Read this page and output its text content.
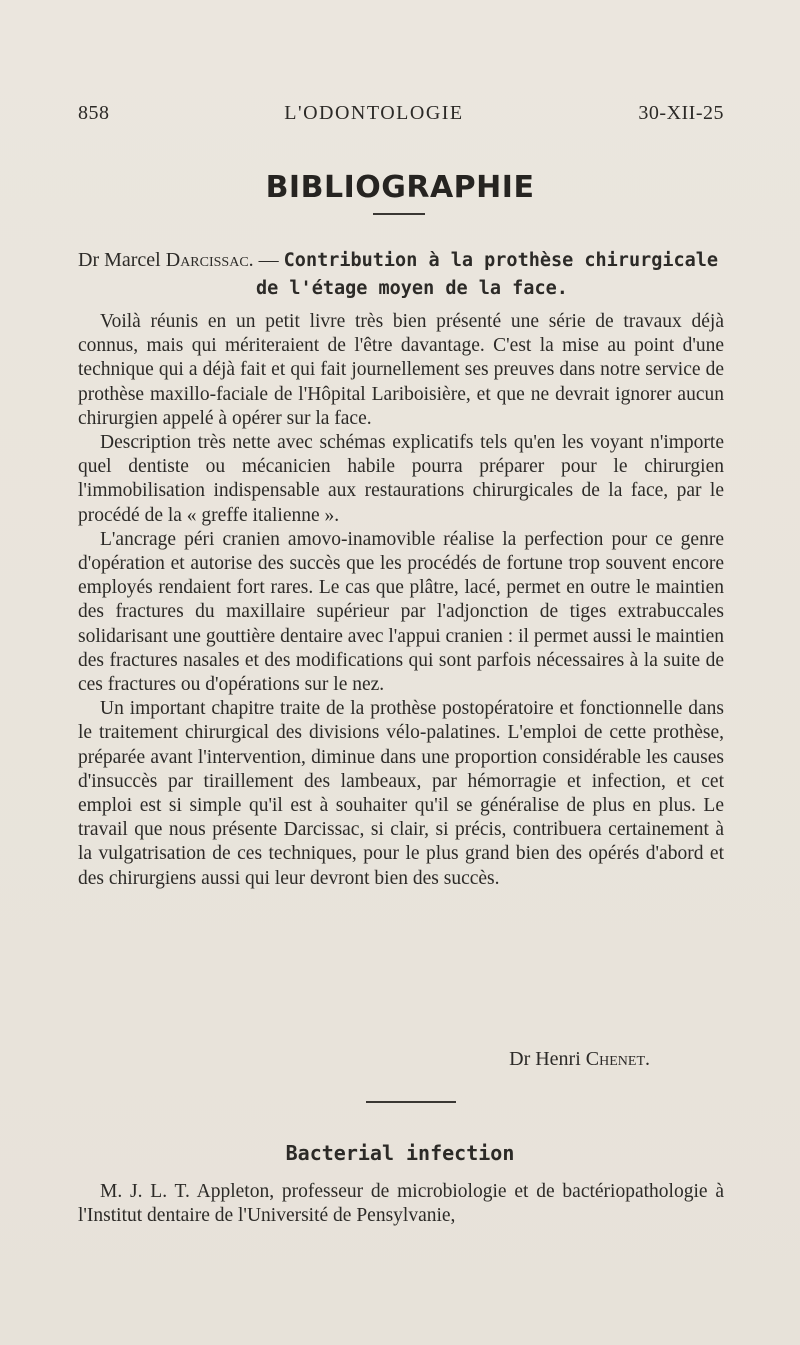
858	L'ODONTOLOGIE	30-XII-25
BIBLIOGRAPHIE
Dr Marcel Darcissac. — Contribution à la prothèse chirurgicale
de l'étage moyen de la face.

Voilà réunis en un petit livre très bien présenté une série de travaux déjà connus, mais qui mériteraient de l'être davantage. C'est la mise au point d'une technique qui a déjà fait et qui fait journellement ses preuves dans notre service de prothèse maxillo-faciale de l'Hôpital Lariboisière, et que ne devrait ignorer aucun chirurgien appelé à opérer sur la face.

Description très nette avec schémas explicatifs tels qu'en les voyant n'importe quel dentiste ou mécanicien habile pourra préparer pour le chirurgien l'immobilisation indispensable aux restaurations chirurgicales de la face, par le procédé de la « greffe italienne ».

L'ancrage péri cranien amovo-inamovible réalise la perfection pour ce genre d'opération et autorise des succès que les procédés de fortune trop souvent encore employés rendaient fort rares. Le cas que plâtre, lacé, permet en outre le maintien des fractures du maxillaire supérieur par l'adjonction de tiges extrabuccales solidarisant une gouttière dentaire avec l'appui cranien : il permet aussi le maintien des fractures nasales et des modifications qui sont parfois nécessaires à la suite de ces fractures ou d'opérations sur le nez.

Un important chapitre traite de la prothèse postopératoire et fonctionnelle dans le traitement chirurgical des divisions vélo-palatines. L'emploi de cette prothèse, préparée avant l'intervention, diminue dans une proportion considérable les causes d'insuccès par tiraillement des lambeaux, par hémorragie et infection, et cet emploi est si simple qu'il est à souhaiter qu'il se généralise de plus en plus. Le travail que nous présente Darcissac, si clair, si précis, contribuera certainement à la vulgatrisation de ces techniques, pour le plus grand bien des opérés d'abord et des chirurgiens aussi qui leur devront bien des succès.

Dr Henri Chenet.
Bacterial infection

M. J. L. T. Appleton, professeur de microbiologie et de bactériopathologie à l'Institut dentaire de l'Université de Pensylvanie,
